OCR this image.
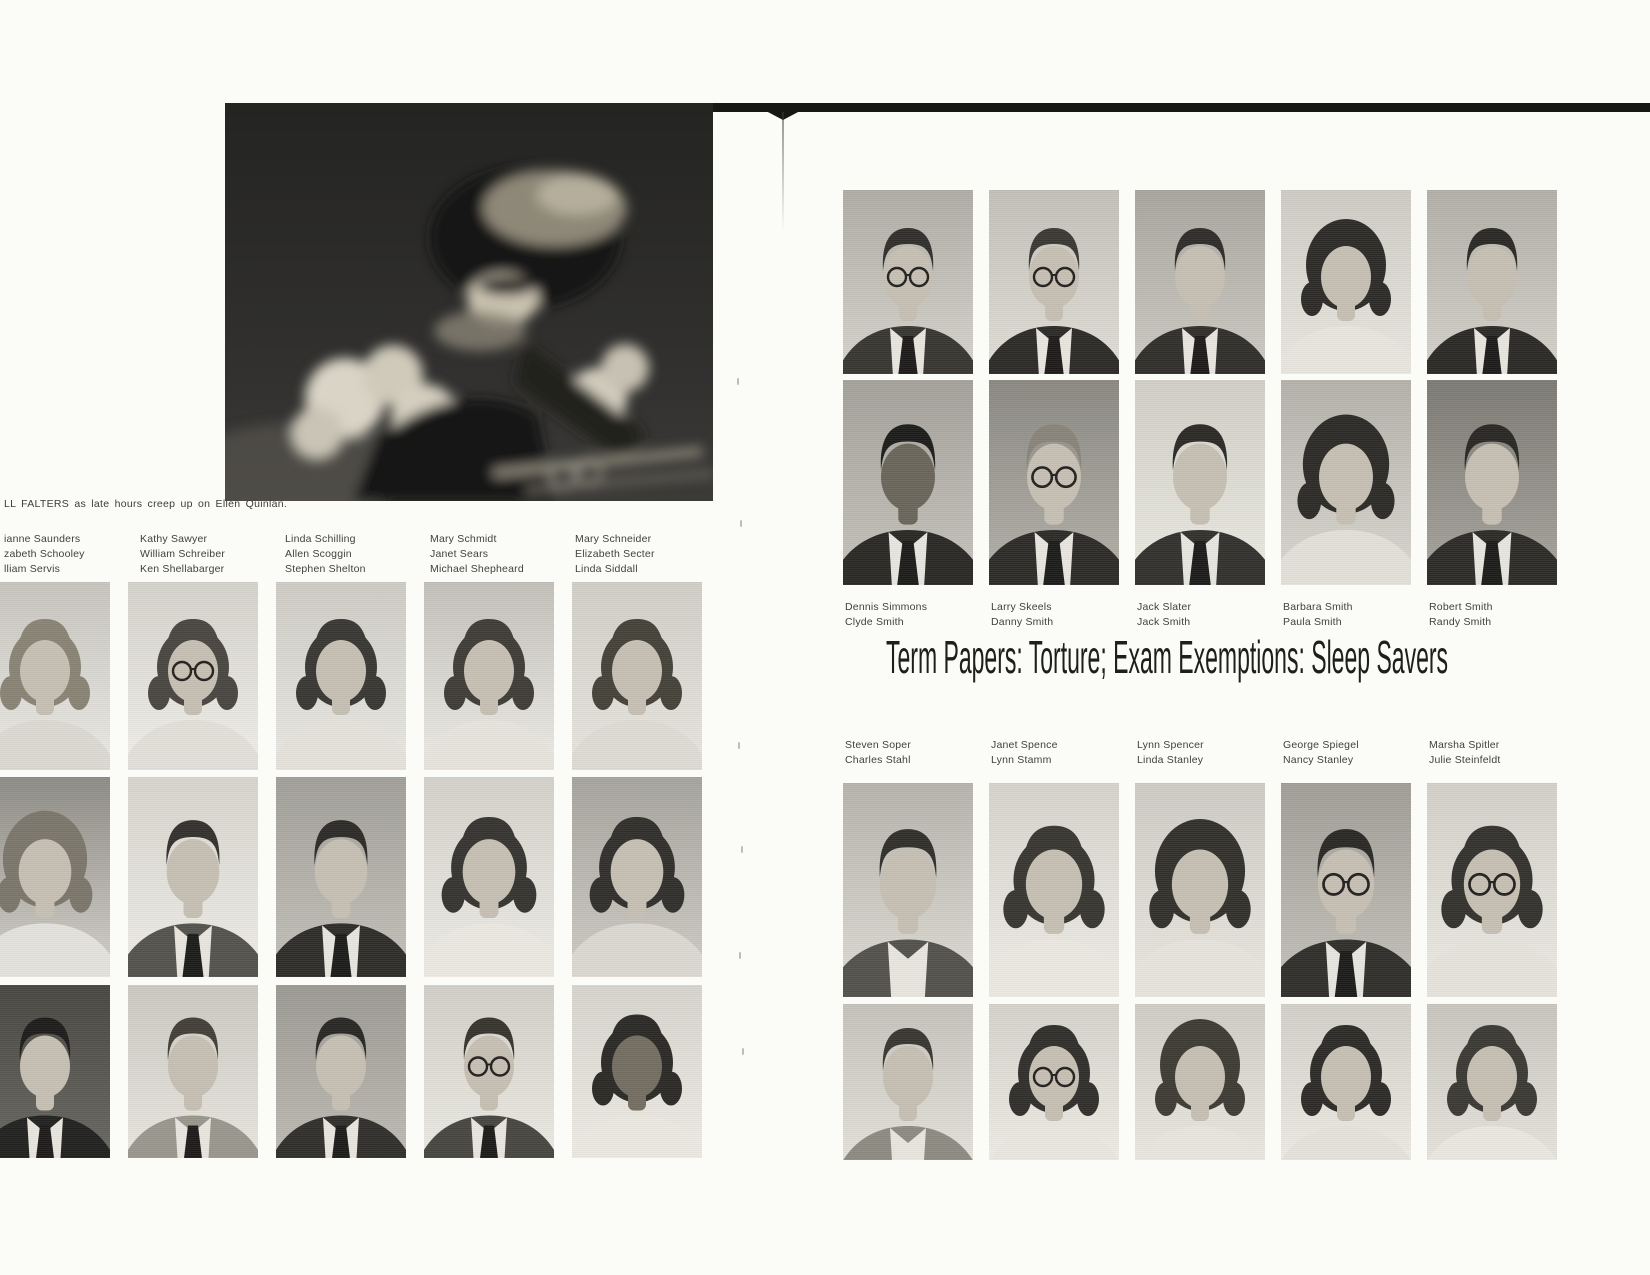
LL FALTERS as late hours creep up on Ellen Quinlan.
ianne Saunders
zabeth Schooley
lliam Servis
Kathy Sawyer
William Schreiber
Ken Shellabarger
Linda Schilling
Allen Scoggin
Stephen Shelton
Mary Schmidt
Janet Sears
Michael Shepheard
Mary Schneider
Elizabeth Secter
Linda Siddall
Dennis Simmons
Clyde Smith
Larry Skeels
Danny Smith
Jack Slater
Jack Smith
Barbara Smith
Paula Smith
Robert Smith
Randy Smith
Term Papers: Torture; Exam Exemptions: Sleep Savers
Steven Soper
Charles Stahl
Janet Spence
Lynn Stamm
Lynn Spencer
Linda Stanley
George Spiegel
Nancy Stanley
Marsha Spitler
Julie Steinfeldt
